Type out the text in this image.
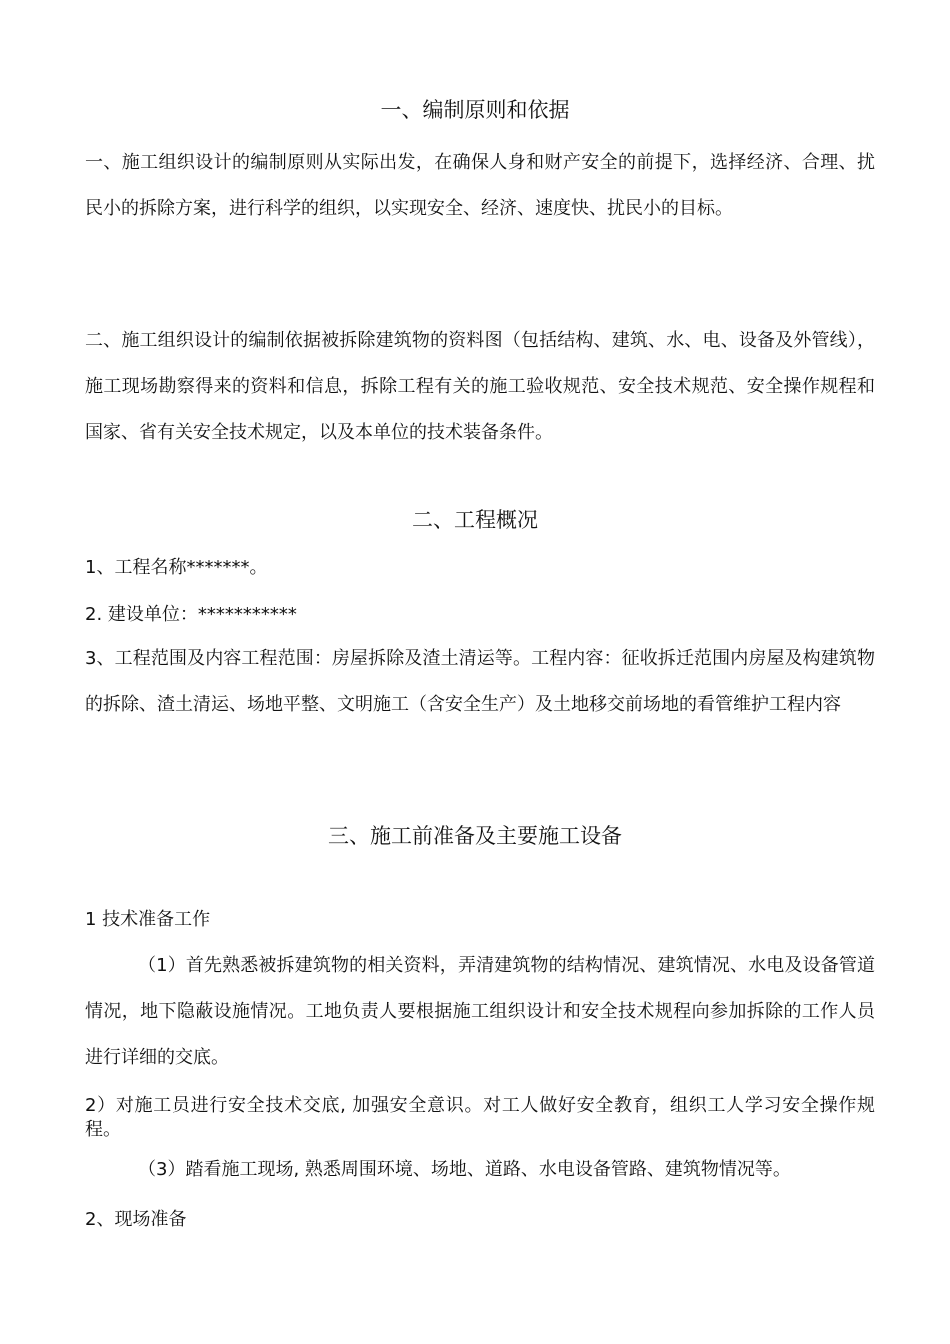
一、编制原则和依据
一、施工组织设计的编制原则从实际出发，在确保人身和财产安全的前提下，选择经济、合理、扰民小的拆除方案，进行科学的组织，以实现安全、经济、速度快、扰民小的目标。
二、施工组织设计的编制依据被拆除建筑物的资料图（包括结构、建筑、水、电、设备及外管线），施工现场勘察得来的资料和信息，拆除工程有关的施工验收规范、安全技术规范、安全操作规程和国家、省有关安全技术规定，以及本单位的技术装备条件。
二、工程概况
1、工程名称*******。
2. 建设单位：***********
3、工程范围及内容工程范围：房屋拆除及渣土清运等。工程内容：征收拆迁范围内房屋及构建筑物的拆除、渣土清运、场地平整、文明施工（含安全生产）及土地移交前场地的看管维护工程内容
三、施工前准备及主要施工设备
1 技术准备工作
（1）首先熟悉被拆建筑物的相关资料，弄清建筑物的结构情况、建筑情况、水电及设备管道情况，地下隐蔽设施情况。工地负责人要根据施工组织设计和安全技术规程向参加拆除的工作人员进行详细的交底。
2）对施工员进行安全技术交底, 加强安全意识。对工人做好安全教育，组织工人学习安全操作规程。
（3）踏看施工现场, 熟悉周围环境、场地、道路、水电设备管路、建筑物情况等。
2、现场准备
